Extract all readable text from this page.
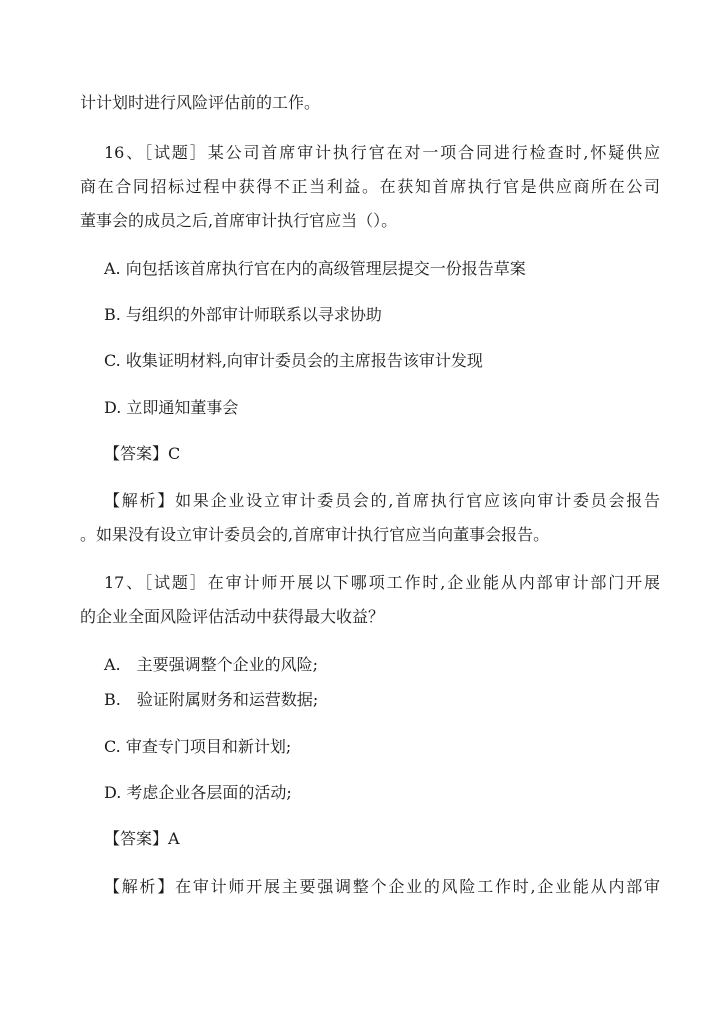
计计划时进行风险评估前的工作。
16、［试题］某公司首席审计执行官在对一项合同进行检查时,怀疑供应
商在合同招标过程中获得不正当利益。在获知首席执行官是供应商所在公司
董事会的成员之后,首席审计执行官应当（）。
A. 向包括该首席执行官在内的高级管理层提交一份报告草案
B. 与组织的外部审计师联系以寻求协助
C. 收集证明材料,向审计委员会的主席报告该审计发现
D. 立即通知董事会
【答案】C
【解析】如果企业设立审计委员会的,首席执行官应该向审计委员会报告
。如果没有设立审计委员会的,首席审计执行官应当向董事会报告。
17、［试题］在审计师开展以下哪项工作时,企业能从内部审计部门开展
的企业全面风险评估活动中获得最大收益？
A.　主要强调整个企业的风险;
B.　验证附属财务和运营数据;
C. 审查专门项目和新计划;
D. 考虑企业各层面的活动;
【答案】A
【解析】在审计师开展主要强调整个企业的风险工作时,企业能从内部审
